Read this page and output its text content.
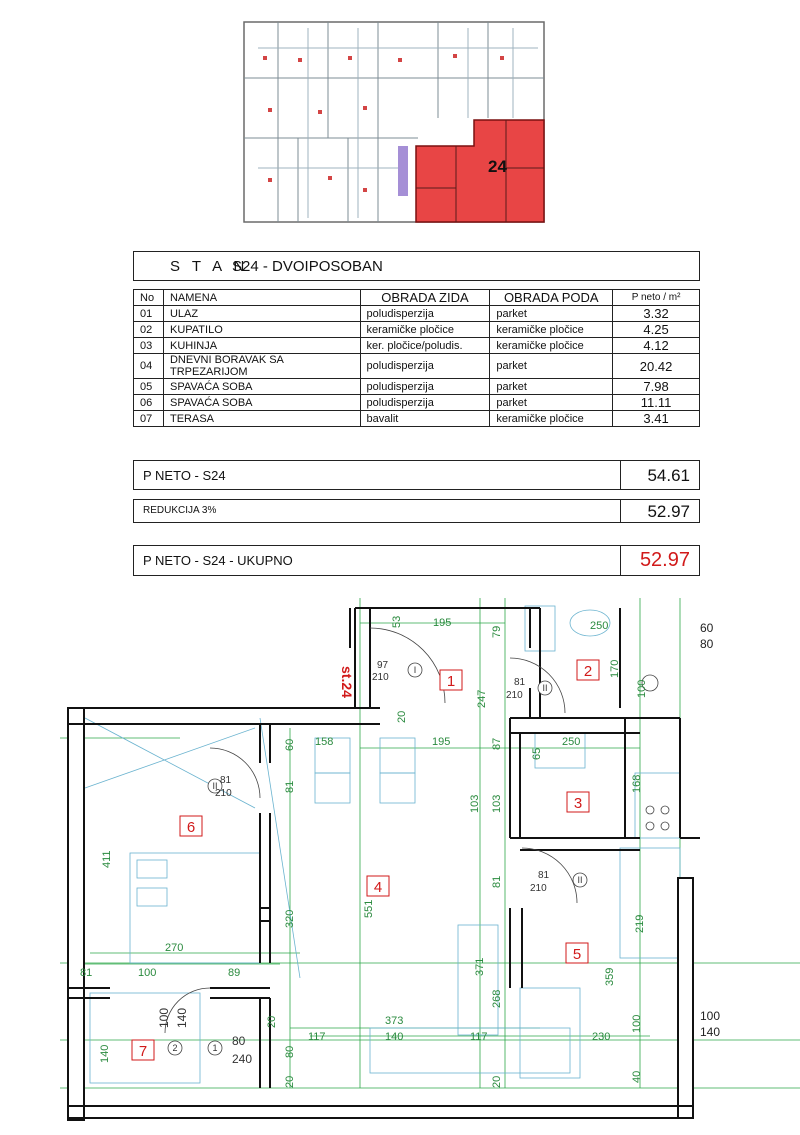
24
S T A N
S24 - DVOIPOSOBAN
No	NAMENA	OBRADA ZIDA	OBRADA PODA	P neto / m²
01	ULAZ	poludisperzija	parket	3.32
02	KUPATILO	keramičke pločice	keramičke pločice	4.25
03	KUHINJA	ker. pločice/poludis.	keramičke pločice	4.12
04	DNEVNI BORAVAK SA TRPEZARIJOM	poludisperzija	parket	20.42
05	SPAVAĆA SOBA	poludisperzija	parket	7.98
06	SPAVAĆA SOBA	poludisperzija	parket	11.11
07	TERASA	bavalit	keramičke pločice	3.41
P NETO - S24	54.61
REDUKCIJA 3%	52.97
P NETO - S24 - UKUPNO	52.97
st.24	1
2
3
4
5
6
7
I
II
II
II
1
2
53	195
79	250	60
80
97
210	81
210
170
100
247
20
158	195	87
65
250
60
81
103 103
168
81
210
411
551
81
81
210
320	219
270
371
359
81	100	89
268
100 140	100
140
373
117	140	117	230
100
20
140
80
240
80
40
20	20
